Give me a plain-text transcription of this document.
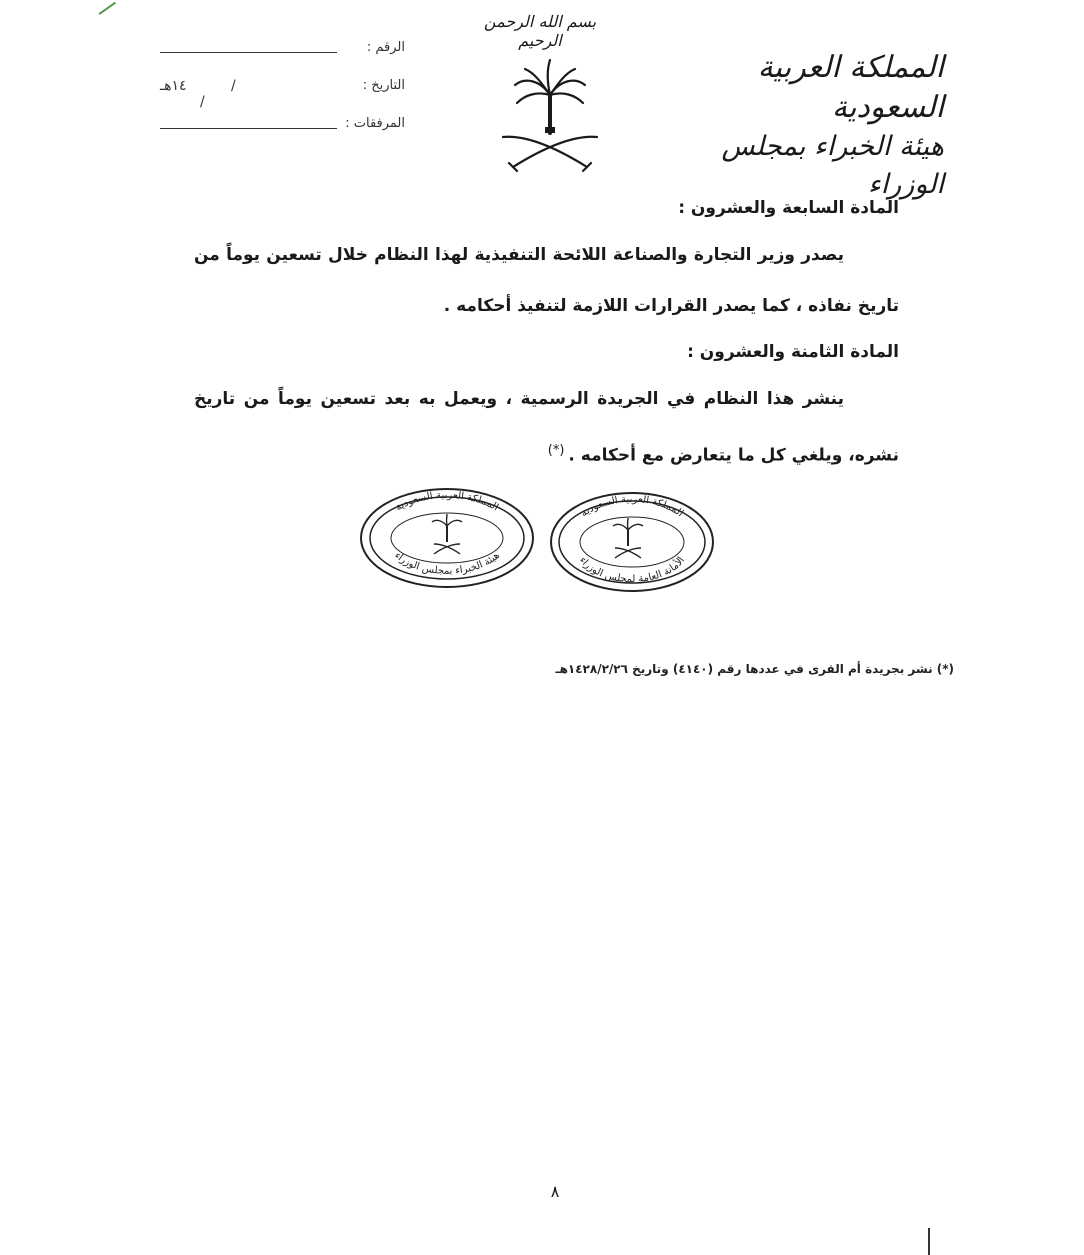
المملكة العربية السعودية
هيئة الخبراء بمجلس الوزراء
بسم الله الرحمن الرحيم
الرقم :
التاريخ :
١٤هـ	/ /
المرفقات :
المادة السابعة والعشرون :
يصدر وزير التجارة والصناعة اللائحة التنفيذية لهذا النظام خلال تسعين يوماً من تاريخ نفاذه ، كما يصدر القرارات اللازمة لتنفيذ أحكامه .
المادة الثامنة والعشرون :
ينشر هذا النظام في الجريدة الرسمية ، ويعمل به بعد تسعين يوماً من تاريخ نشره، ويلغي كل ما يتعارض مع أحكامه .(*)
المملكة العربية السعودية
هيئة الخبراء بمجلس الوزراء
المملكة العربية السعودية
الأمانة العامة لمجلس الوزراء
(*) نشر بجريدة أم القرى في عددها رقم (٤١٤٠) وتاريخ ١٤٢٨/٢/٢٦هـ
٨
